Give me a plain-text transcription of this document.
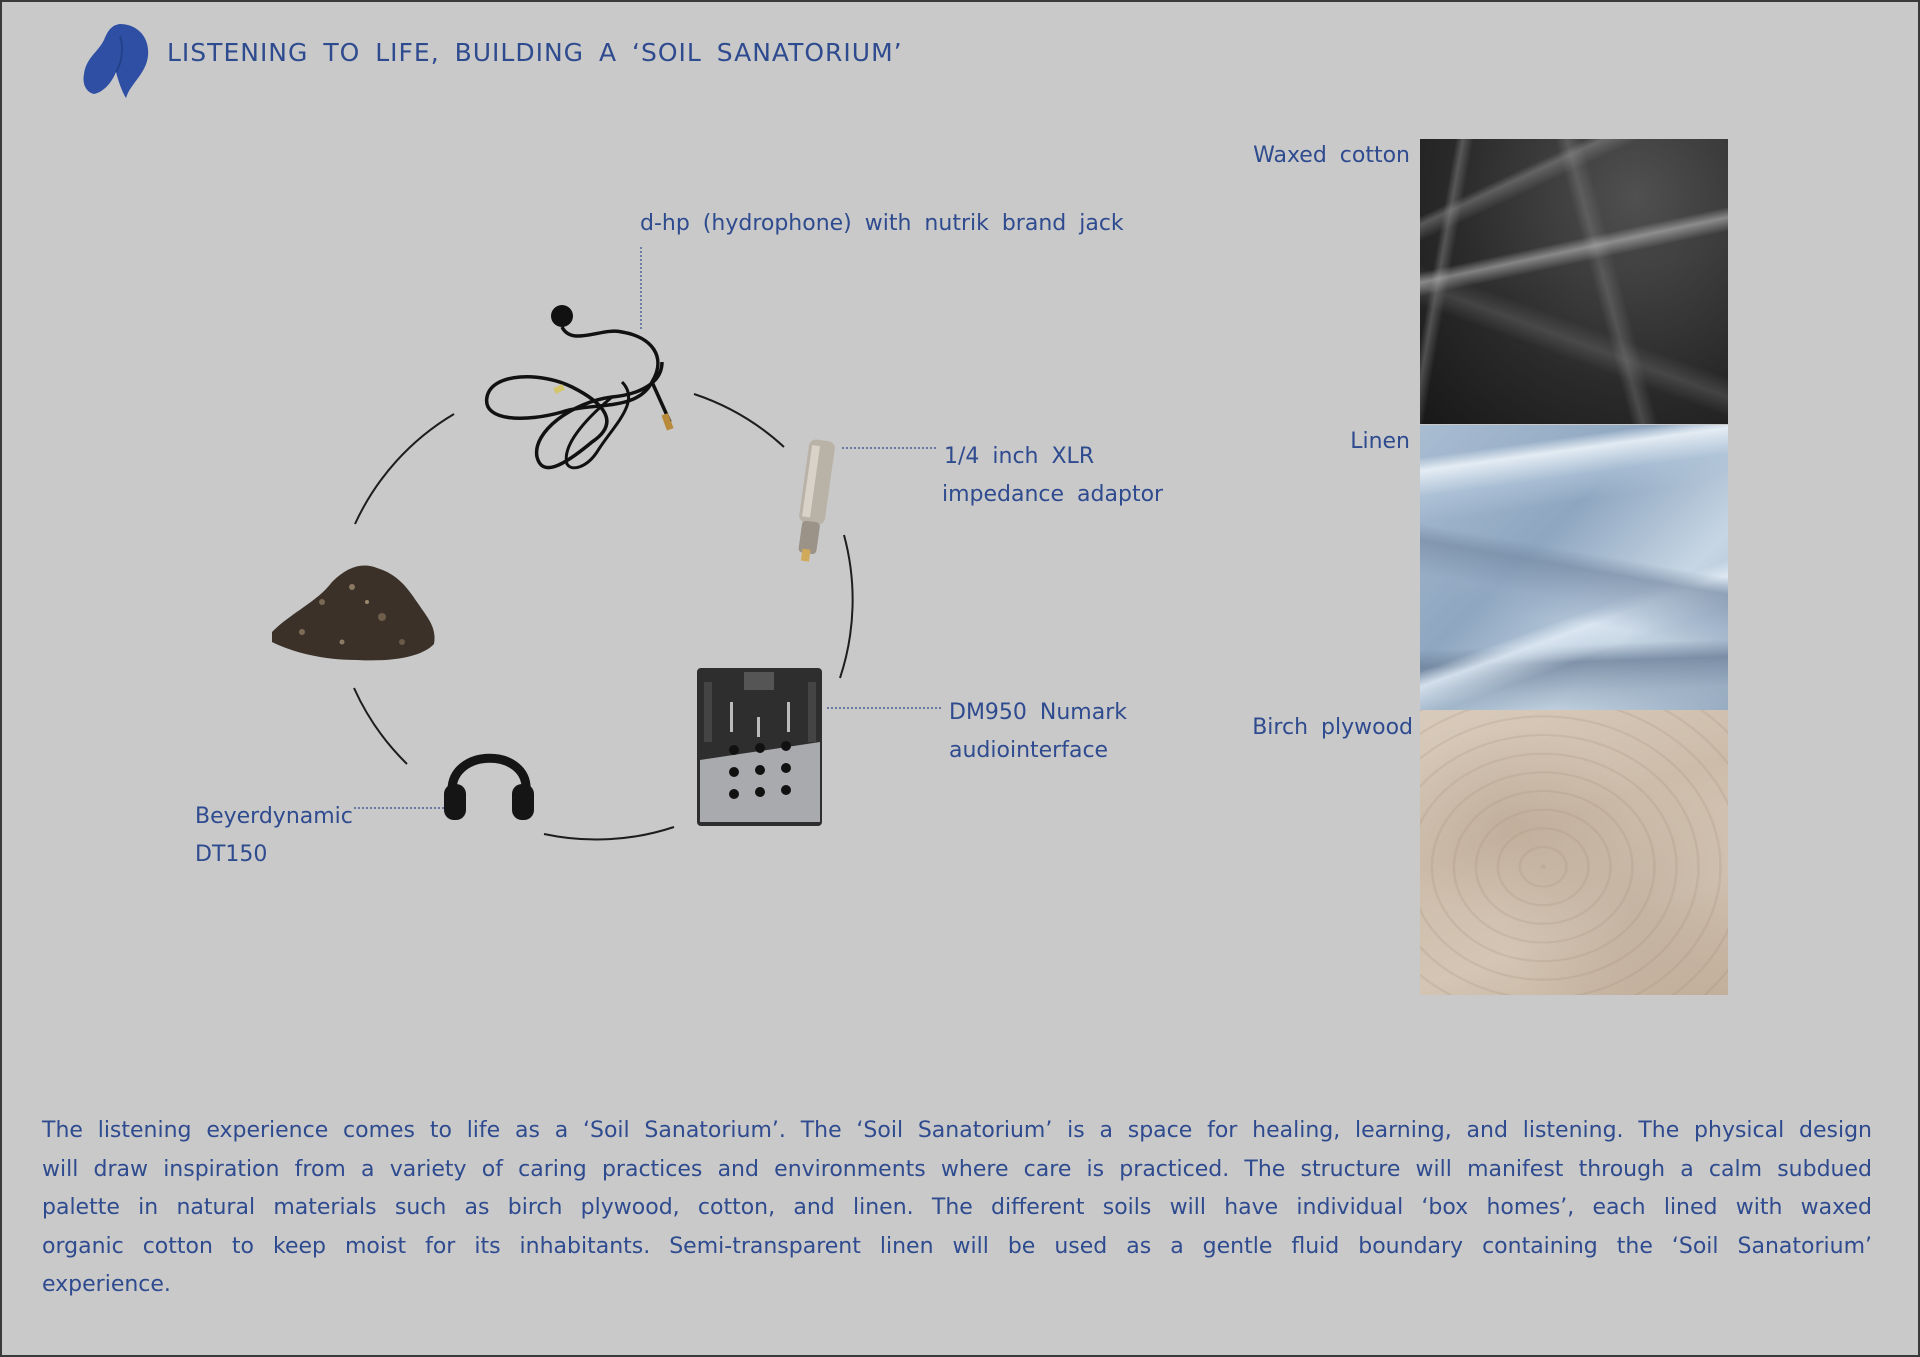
LISTENING TO LIFE, BUILDING A ‘SOIL SANATORIUM’
d-hp (hydrophone) with nutrik brand jack
1/4 inch XLR
impedance adaptor
DM950 Numark
audiointerface
Beyerdynamic
DT150
Waxed cotton
Linen
Birch plywood
The listening experience comes to life as a ‘Soil Sanatorium’. The ‘Soil Sanatorium’ is a space for healing, learning, and listening. The physical design will draw inspiration from a variety of caring practices and environments where care is practiced. The structure will manifest through a calm subdued palette in natural materials such as birch plywood, cotton, and linen. The different soils will have individual ‘box homes’, each lined with waxed organic cotton to keep moist for its inhabitants. Semi-transparent linen will be used as a gentle fluid boundary containing the ‘Soil Sanatorium’ experience.
